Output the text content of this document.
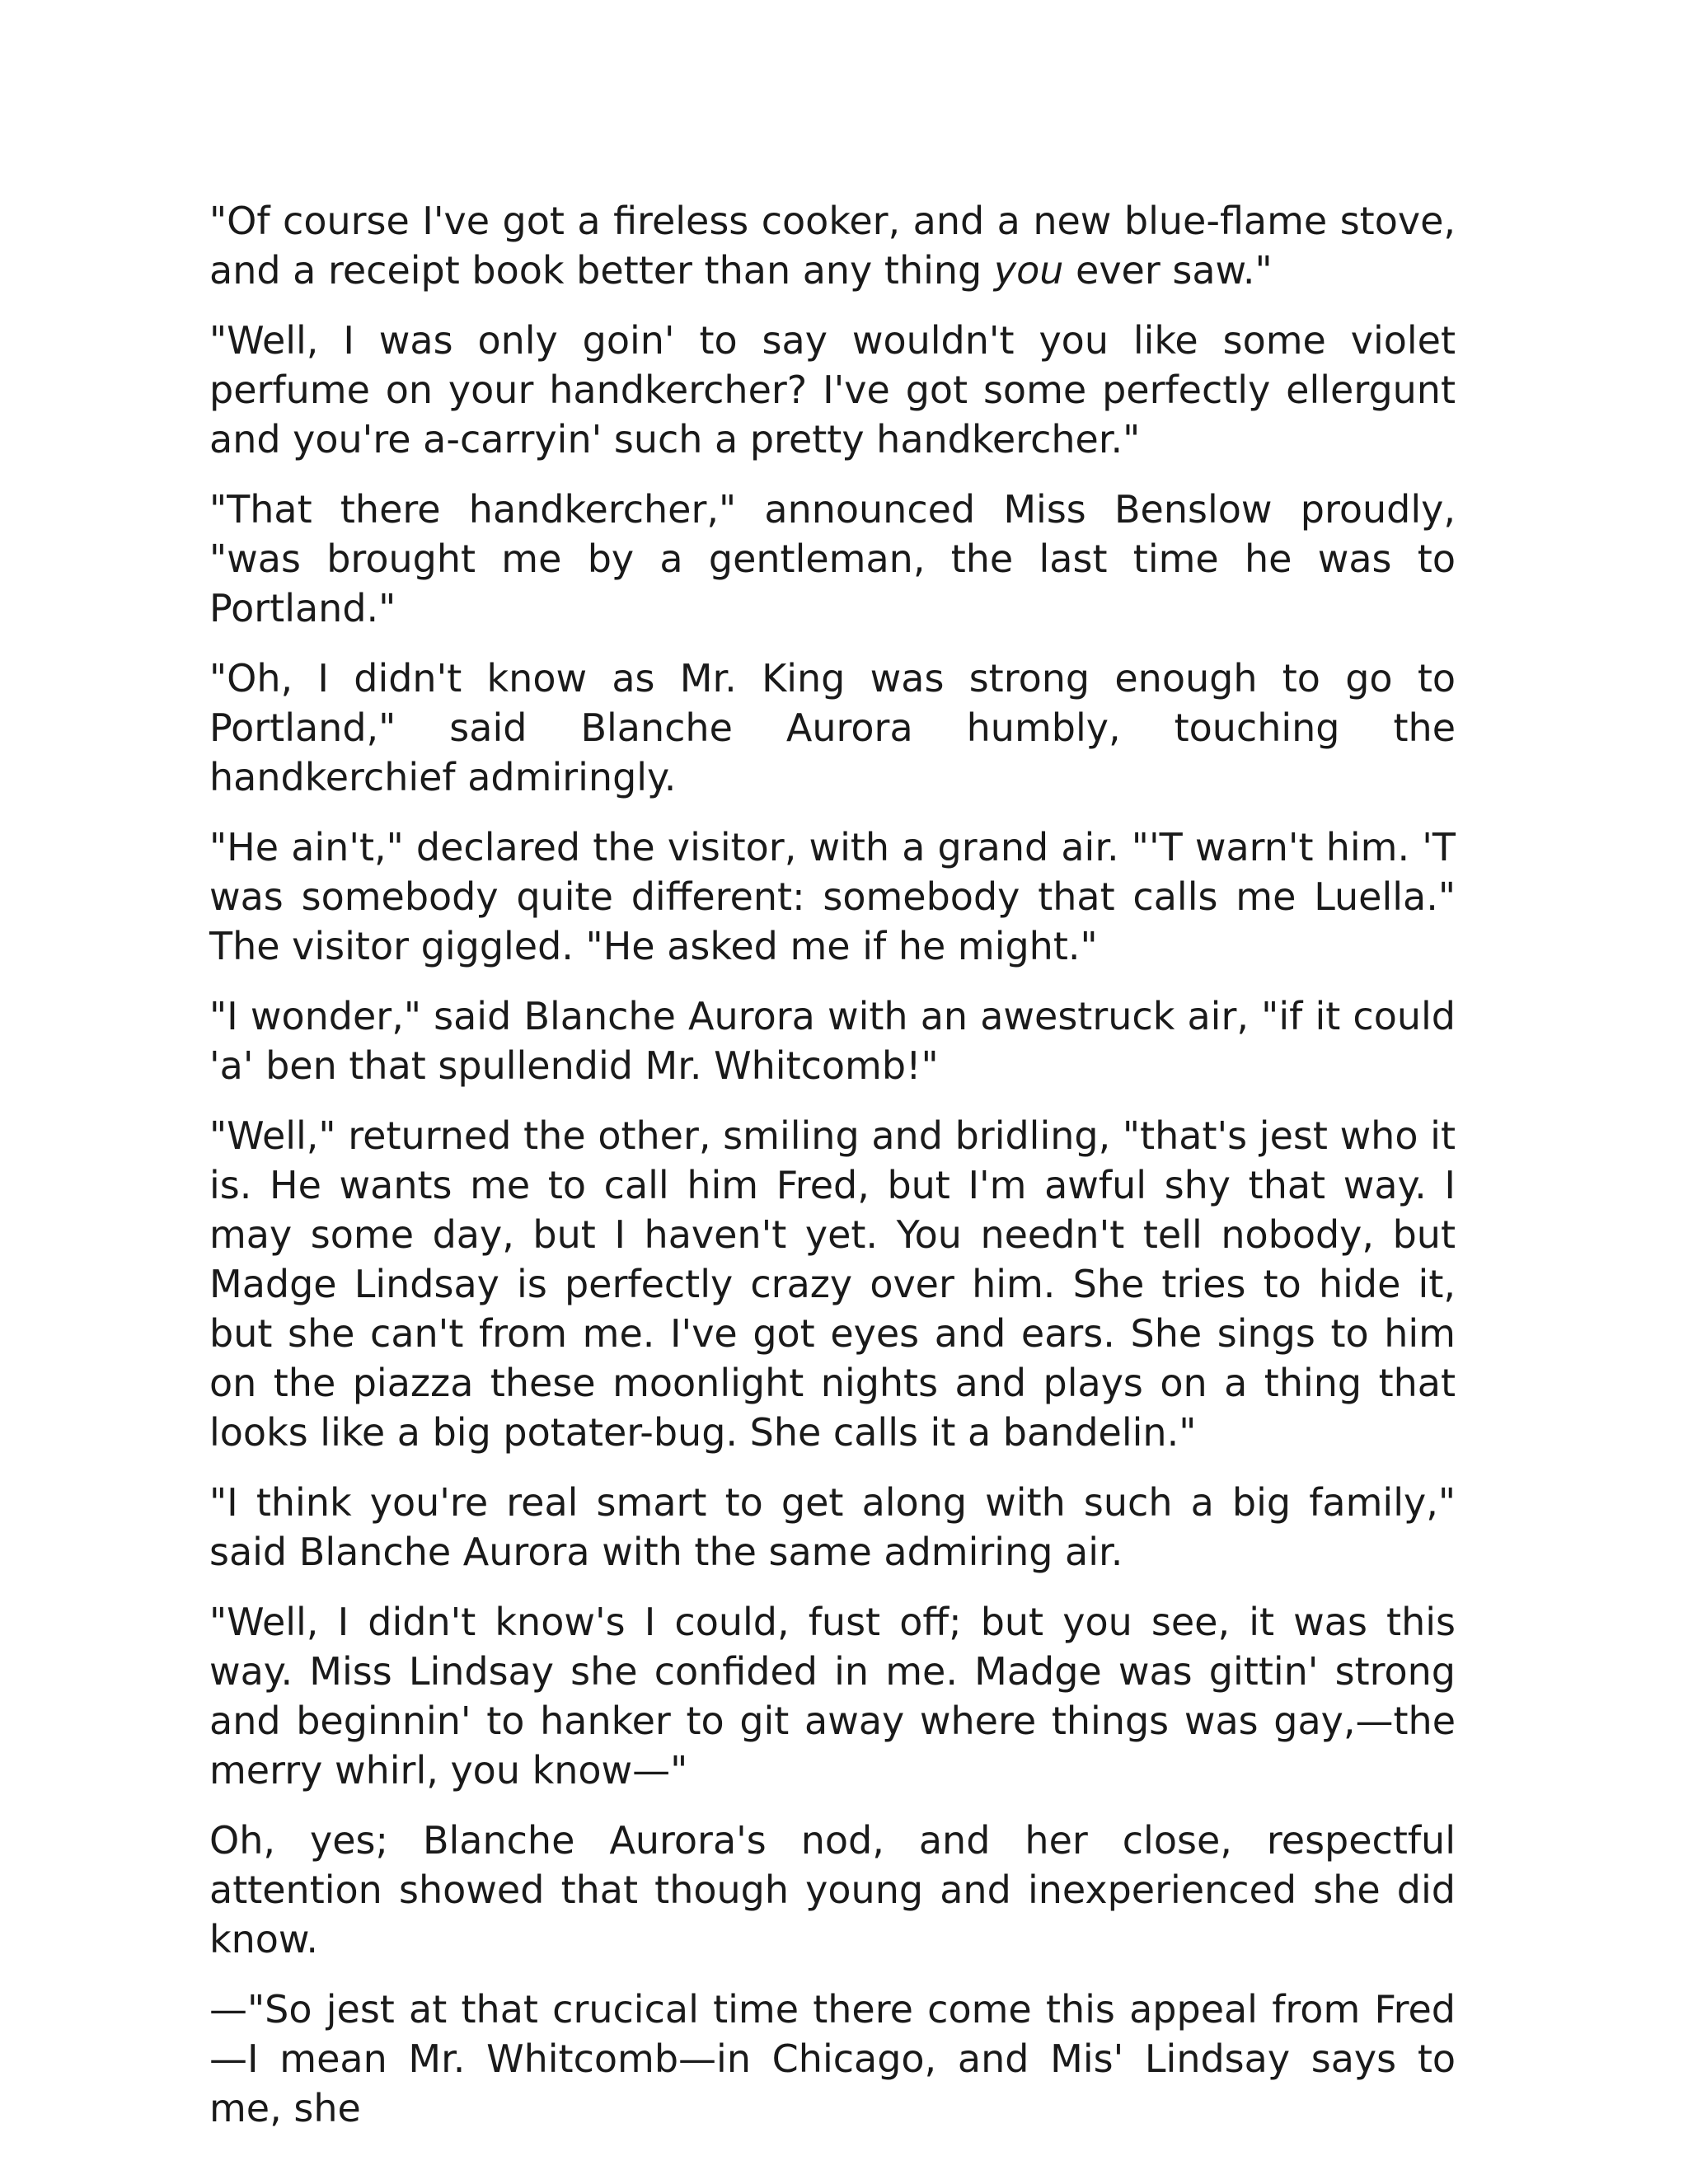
"Of course I've got a fireless cooker, and a new blue-flame stove, and a receipt book better than any thing you ever saw."

"Well, I was only goin' to say wouldn't you like some violet perfume on your handkercher? I've got some perfectly ellergunt and you're a-carryin' such a pretty handkercher."

"That there handkercher," announced Miss Benslow proudly, "was brought me by a gentleman, the last time he was to Portland."

"Oh, I didn't know as Mr. King was strong enough to go to Portland," said Blanche Aurora humbly, touching the handkerchief admiringly.

"He ain't," declared the visitor, with a grand air. "'T warn't him. 'T was somebody quite different: somebody that calls me Luella." The visitor giggled. "He asked me if he might."

"I wonder," said Blanche Aurora with an awestruck air, "if it could 'a' ben that spullendid Mr. Whitcomb!"

"Well," returned the other, smiling and bridling, "that's jest who it is. He wants me to call him Fred, but I'm awful shy that way. I may some day, but I haven't yet. You needn't tell nobody, but Madge Lindsay is perfectly crazy over him. She tries to hide it, but she can't from me. I've got eyes and ears. She sings to him on the piazza these moonlight nights and plays on a thing that looks like a big potater-bug. She calls it a bandelin."

"I think you're real smart to get along with such a big family," said Blanche Aurora with the same admiring air.

"Well, I didn't know's I could, fust off; but you see, it was this way. Miss Lindsay she confided in me. Madge was gittin' strong and beginnin' to hanker to git away where things was gay,—the merry whirl, you know—"

Oh, yes; Blanche Aurora's nod, and her close, respectful attention showed that though young and inexperienced she did know.

—"So jest at that crucical time there come this appeal from Fred—I mean Mr. Whitcomb—in Chicago, and Mis' Lindsay says to me, she
